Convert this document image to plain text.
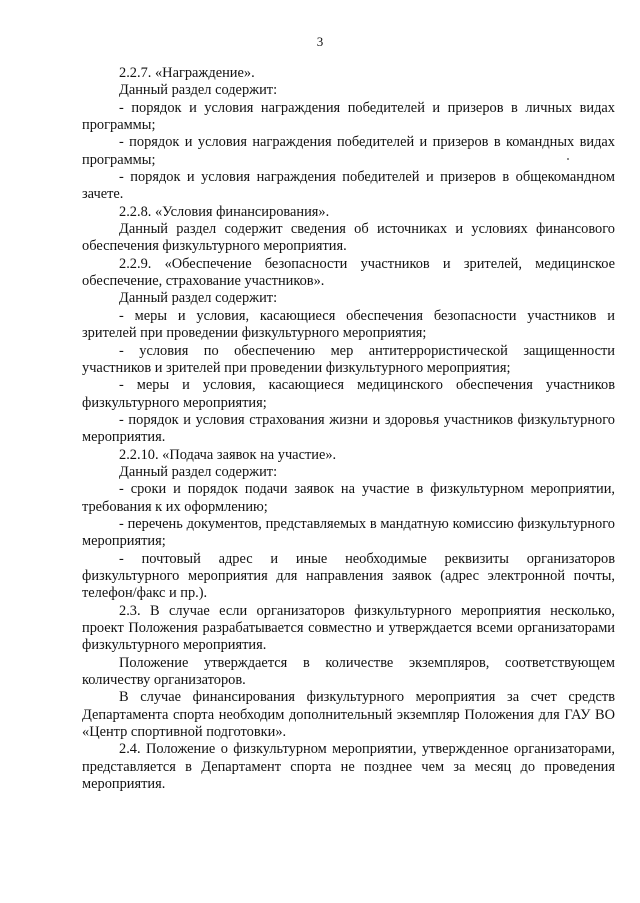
3

2.2.7. «Награждение».

Данный раздел содержит:

- порядок и условия награждения победителей и призеров в личных видах программы;

- порядок и условия награждения победителей и призеров в командных видах программы;

- порядок и условия награждения победителей и призеров в общекомандном зачете.

2.2.8. «Условия финансирования».

Данный раздел содержит сведения об источниках и условиях финансового обеспечения физкультурного мероприятия.

2.2.9. «Обеспечение безопасности участников и зрителей, медицинское обеспечение, страхование участников».

Данный раздел содержит:

- меры и условия, касающиеся обеспечения безопасности участников и зрителей при проведении физкультурного мероприятия;

- условия по обеспечению мер антитеррористической защищенности участников и зрителей при проведении физкультурного мероприятия;

- меры и условия, касающиеся медицинского обеспечения участников физкультурного мероприятия;

- порядок и условия страхования жизни и здоровья участников физкультурного мероприятия.

2.2.10. «Подача заявок на участие».

Данный раздел содержит:

- сроки и порядок подачи заявок на участие в физкультурном мероприятии, требования к их оформлению;

- перечень документов, представляемых в мандатную комиссию физкультурного мероприятия;

- почтовый адрес и иные необходимые реквизиты организаторов физкультурного мероприятия для направления заявок (адрес электронной почты, телефон/факс и пр.).

2.3. В случае если организаторов физкультурного мероприятия несколько, проект Положения разрабатывается совместно и утверждается всеми организаторами физкультурного мероприятия.

Положение утверждается в количестве экземпляров, соответствующем количеству организаторов.

В случае финансирования физкультурного мероприятия за счет средств Департамента спорта необходим дополнительный экземпляр Положения для ГАУ ВО «Центр спортивной подготовки».

2.4. Положение о физкультурном мероприятии, утвержденное организаторами, представляется в Департамент спорта не позднее чем за месяц до проведения мероприятия.
